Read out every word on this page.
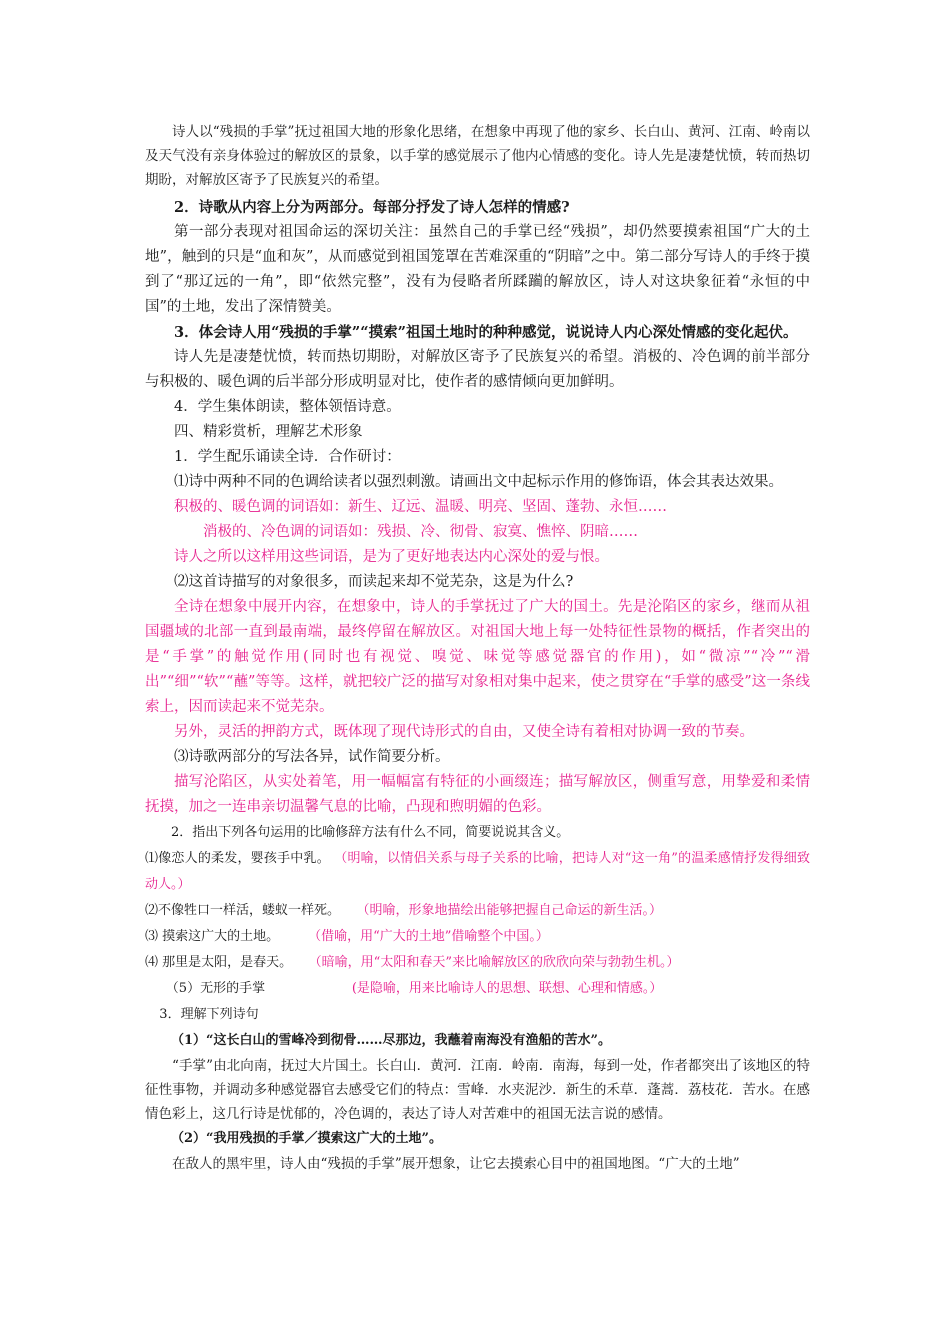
诗人以“残损的手掌”抚过祖国大地的形象化思绪，在想象中再现了他的家乡、长白山、黄河、江南、岭南以及天气没有亲身体验过的解放区的景象，以手掌的感觉展示了他内心情感的变化。诗人先是凄楚忧愤，转而热切期盼，对解放区寄予了民族复兴的希望。

2．诗歌从内容上分为两部分。每部分抒发了诗人怎样的情感?

第一部分表现对祖国命运的深切关注：虽然自己的手掌已经“残损”，却仍然要摸索祖国“广大的土地”，触到的只是“血和灰”，从而感觉到祖国笼罩在苦难深重的“阴暗”之中。第二部分写诗人的手终于摸到了“那辽远的一角”，即“依然完整”，没有为侵略者所蹂躏的解放区，诗人对这块象征着“永恒的中国”的土地，发出了深情赞美。

3．体会诗人用“残损的手掌”“摸索”祖国土地时的种种感觉，说说诗人内心深处情感的变化起伏。

诗人先是凄楚忧愤，转而热切期盼，对解放区寄予了民族复兴的希望。消极的、冷色调的前半部分与积极的、暖色调的后半部分形成明显对比，使作者的感情倾向更加鲜明。

4．学生集体朗读，整体领悟诗意。

四、精彩赏析，理解艺术形象

1．学生配乐诵读全诗．合作研讨：

⑴诗中两种不同的色调给读者以强烈刺激。请画出文中起标示作用的修饰语，体会其表达效果。

积极的、暖色调的词语如：新生、辽远、温暖、明亮、坚固、蓬勃、永恒……

消极的、冷色调的词语如：残损、冷、彻骨、寂寞、憔悴、阴暗……

诗人之所以这样用这些词语，是为了更好地表达内心深处的爱与恨。

⑵这首诗描写的对象很多，而读起来却不觉芜杂，这是为什么?

全诗在想象中展开内容，在想象中，诗人的手掌抚过了广大的国土。先是沦陷区的家乡，继而从祖国疆域的北部一直到最南端，最终停留在解放区。对祖国大地上每一处特征性景物的概括，作者突出的是“手掌”的触觉作用(同时也有视觉、嗅觉、味觉等感觉器官的作用)，如“微凉”“冷”“滑出”“细”“软”“蘸”等等。这样，就把较广泛的描写对象相对集中起来，使之贯穿在“手掌的感受”这一条线索上，因而读起来不觉芜杂。

另外，灵活的押韵方式，既体现了现代诗形式的自由，又使全诗有着相对协调一致的节奏。

⑶诗歌两部分的写法各异，试作简要分析。

描写沦陷区，从实处着笔，用一幅幅富有特征的小画缀连；描写解放区，侧重写意，用挚爱和柔情抚摸，加之一连串亲切温馨气息的比喻，凸现和煦明媚的色彩。

2．指出下列各句运用的比喻修辞方法有什么不同，简要说说其含义。

⑴像恋人的柔发，婴孩手中乳。 （明喻，以情侣关系与母子关系的比喻，把诗人对“这一角”的温柔感情抒发得细致动人。）

⑵不像牲口一样活，蝼蚁一样死。 （明喻，形象地描绘出能够把握自己命运的新生活。）

⑶ 摸索这广大的土地。 （借喻，用“广大的土地”借喻整个中国。）

⑷ 那里是太阳，是春天。 （暗喻，用“太阳和春天”来比喻解放区的欣欣向荣与勃勃生机。）

（5）无形的手掌	(是隐喻，用来比喻诗人的思想、联想、心理和情感。）

3．理解下列诗句

（1）“这长白山的雪峰冷到彻骨……尽那边，我蘸着南海没有渔船的苦水”。

“手掌”由北向南，抚过大片国土。长白山．黄河．江南．岭南．南海，每到一处，作者都突出了该地区的特征性事物，并调动多种感觉器官去感受它们的特点：雪峰．水夹泥沙．新生的禾草．蓬蒿．荔枝花．苦水。在感情色彩上，这几行诗是忧郁的，冷色调的，表达了诗人对苦难中的祖国无法言说的感情。

（2）“我用残损的手掌／摸索这广大的土地”。

在敌人的黑牢里，诗人由“残损的手掌”展开想象，让它去摸索心目中的祖国地图。“广大的土地”
